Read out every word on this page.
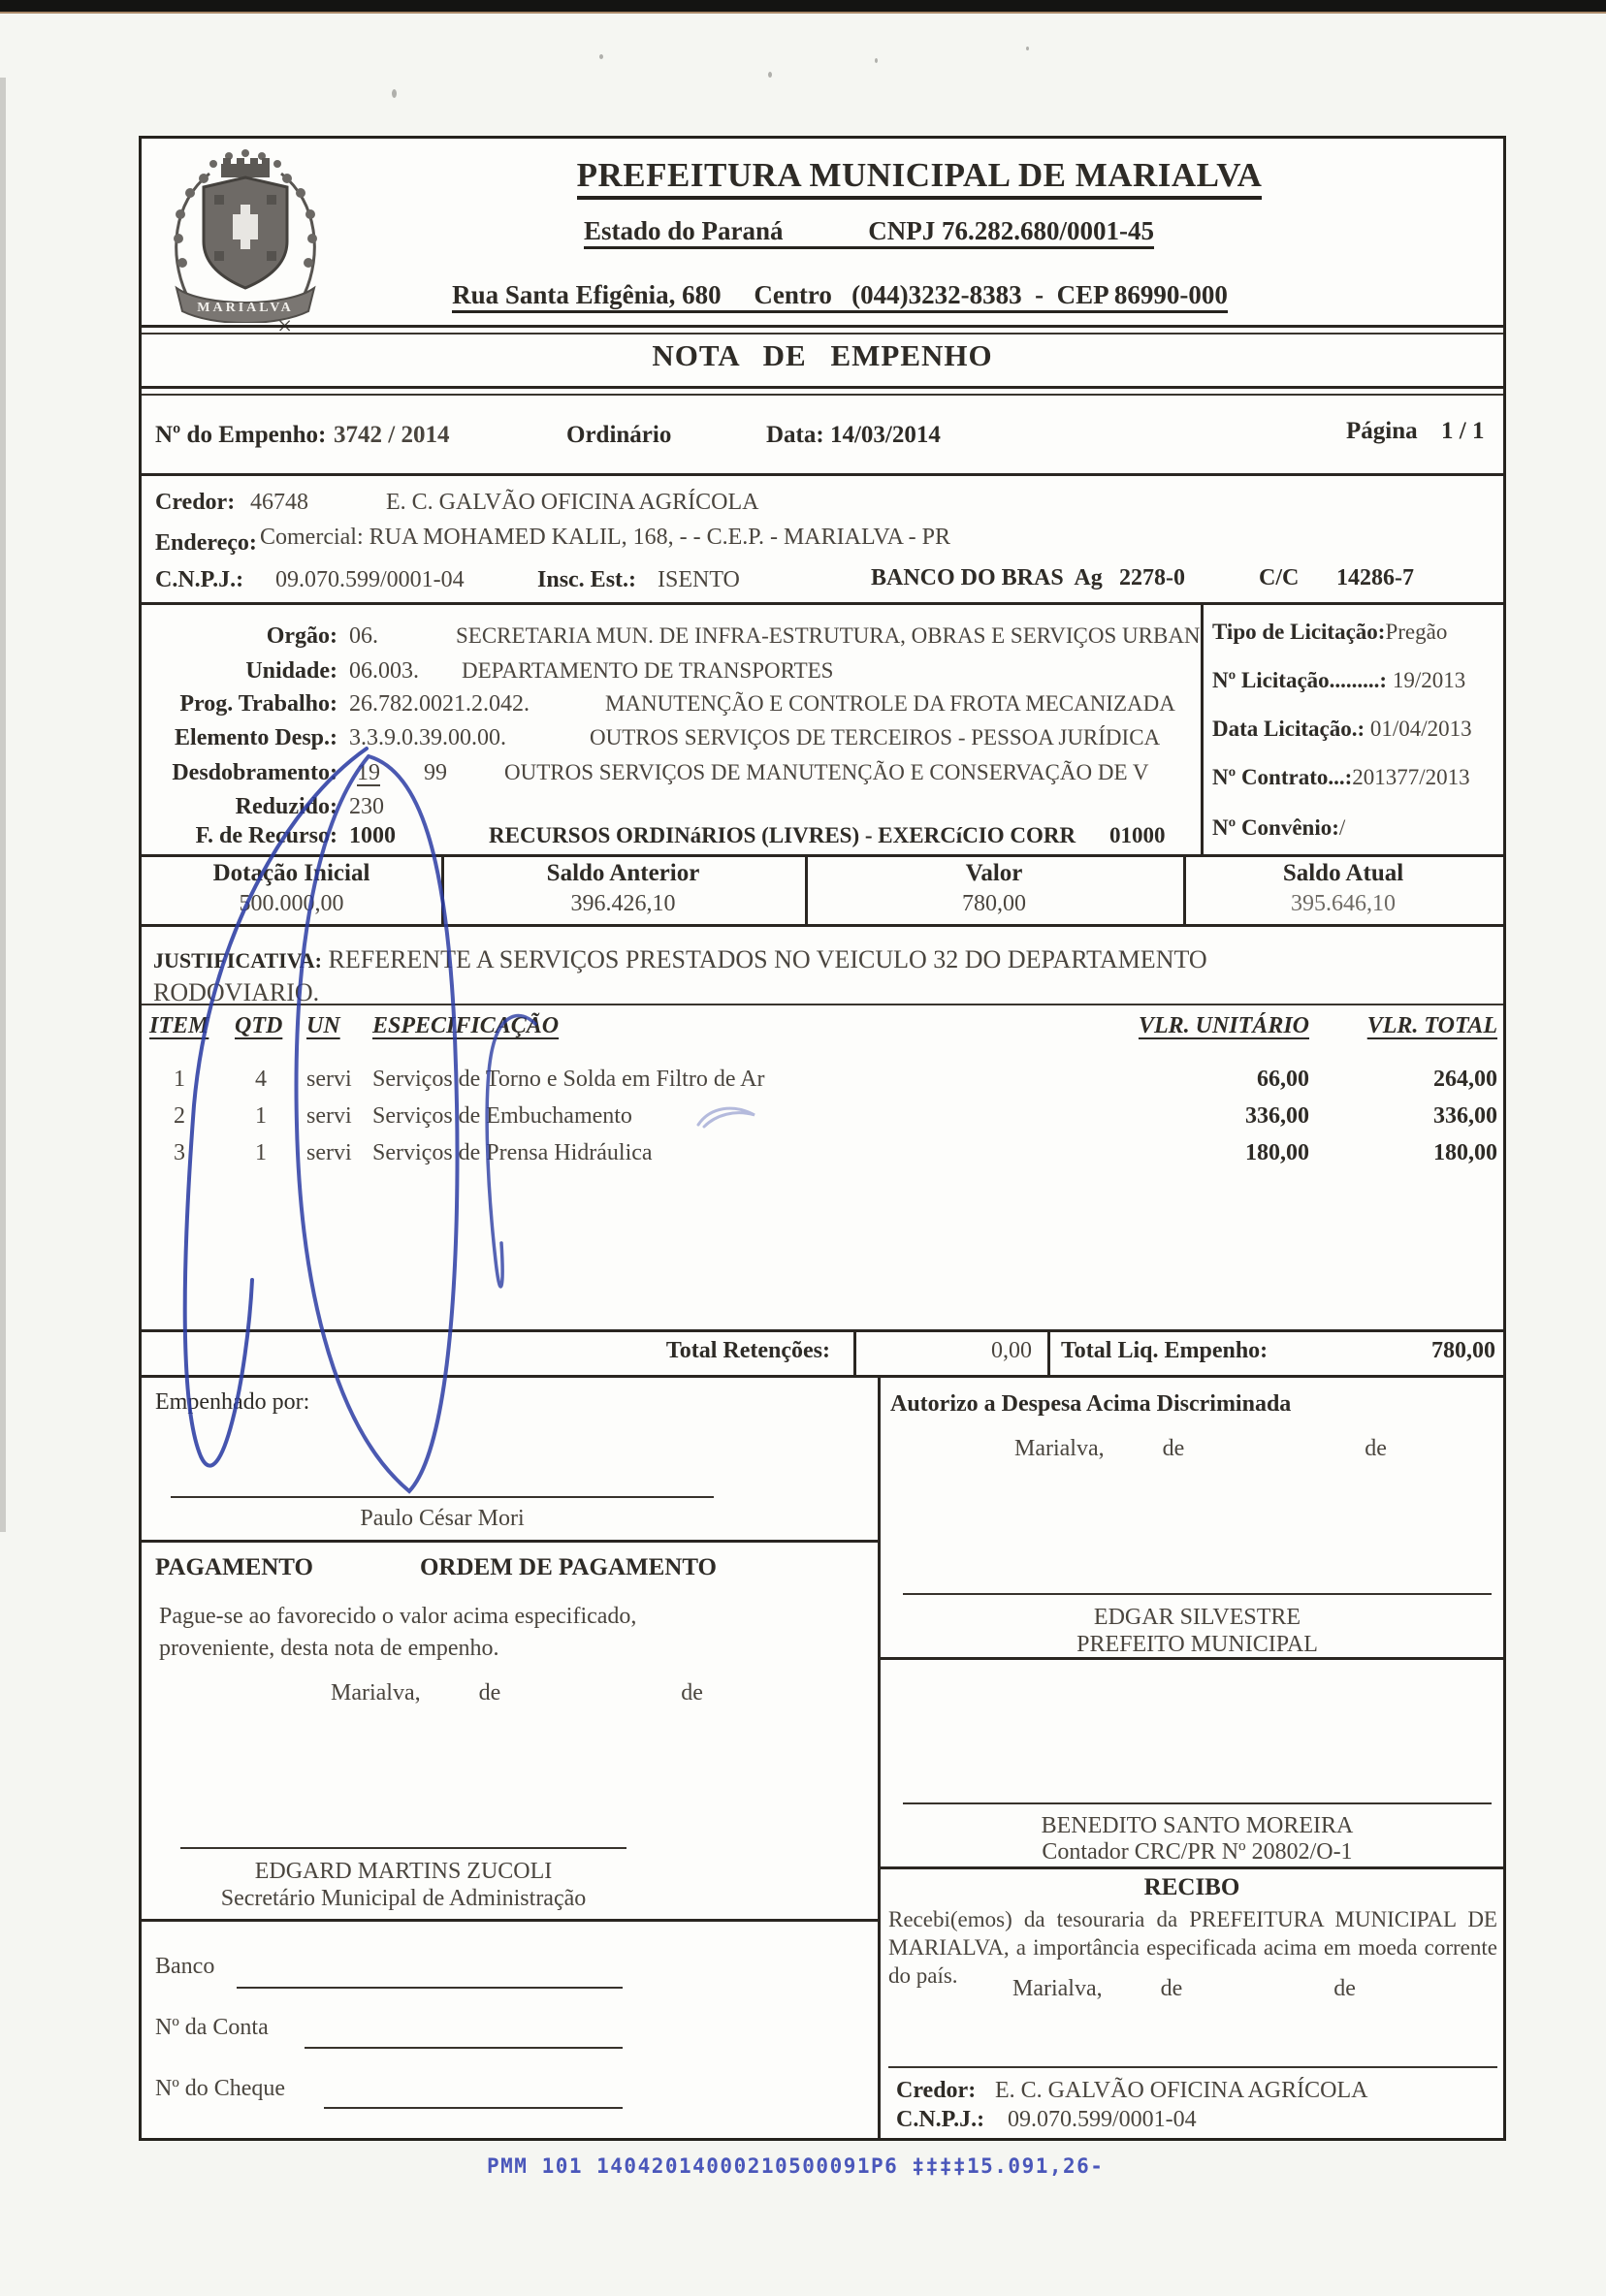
MARIALVA
×
PREFEITURA MUNICIPAL DE MARIALVA
Estado do Paraná             CNPJ 76.282.680/0001-45
Rua Santa Efigênia, 680     Centro   (044)3232-8383  -  CEP 86990-000
NOTA DE EMPENHO
Nº do Empenho: 3742 / 2014	Ordinário	Data: 14/03/2014	Página 1 / 1
Credor: 46748	E. C. GALVÃO OFICINA AGRÍCOLA
Endereço: Comercial: RUA MOHAMED KALIL, 168, - - C.E.P. - MARIALVA - PR
C.N.P.J.: 09.070.599/0001-04	Insc. Est.: ISENTO	BANCO DO BRAS  Ag 2278-0	C/C 14286-7
Orgão: 06.	SECRETARIA MUN. DE INFRA-ESTRUTURA, OBRAS E SERVIÇOS URBAN
Unidade: 06.003. DEPARTAMENTO DE TRANSPORTES
Prog. Trabalho: 26.782.0021.2.042.	MANUTENÇÃO E CONTROLE DA FROTA MECANIZADA
Elemento Desp.: 3.3.9.0.39.00.00.	OUTROS SERVIÇOS DE TERCEIROS - PESSOA JURÍDICA
Desdobramento: 19 99	OUTROS SERVIÇOS DE MANUTENÇÃO E CONSERVAÇÃO DE V
Reduzido: 230
F. de Recurso: 1000	RECURSOS ORDINáRIOS (LIVRES) - EXERCíCIO CORR 01000
Tipo de Licitação:Pregão
Nº Licitação.........: 19/2013
Data Licitação.: 01/04/2013
Nº Contrato...:201377/2013
Nº Convênio:/
Dotação Inicial	Saldo Anterior	Valor	Saldo Atual
500.000,00	396.426,10	780,00	395.646,10
JUSTIFICATIVA: REFERENTE A SERVIÇOS PRESTADOS NO VEICULO 32 DO DEPARTAMENTO RODOVIARIO.
ITEM QTD UN ESPECIFICAÇÃO	VLR. UNITÁRIO	VLR. TOTAL
1	4	servi Serviços de Torno e Solda em Filtro de Ar	66,00	264,00
2	1	servi Serviços de Embuchamento	336,00	336,00
3	1	servi Serviços de Prensa Hidráulica	180,00	180,00
Total Retenções:	0,00 Total Liq. Empenho:	780,00
Empenhado por:
Paulo César Mori
PAGAMENTO	ORDEM DE PAGAMENTO
Pague-se ao favorecido o valor acima especificado, proveniente, desta nota de empenho.
Marialva,          de                               de
EDGARD MARTINS ZUCOLI
Secretário Municipal de Administração
Banco
Nº da Conta
Nº do Cheque
Autorizo a Despesa Acima Discriminada
Marialva,          de                               de
EDGAR SILVESTRE
PREFEITO MUNICIPAL
BENEDITO SANTO MOREIRA
Contador CRC/PR Nº 20802/O-1
RECIBO
Recebi(emos) da tesouraria da PREFEITURA MUNICIPAL DE MARIALVA, a importância especificada acima em moeda corrente do país.
Marialva,          de                          de
Credor: E. C. GALVÃO OFICINA AGRÍCOLA
C.N.P.J.: 09.070.599/0001-04
PMM 101 14042014000210500091P6 ‡‡‡‡15.091,26-
